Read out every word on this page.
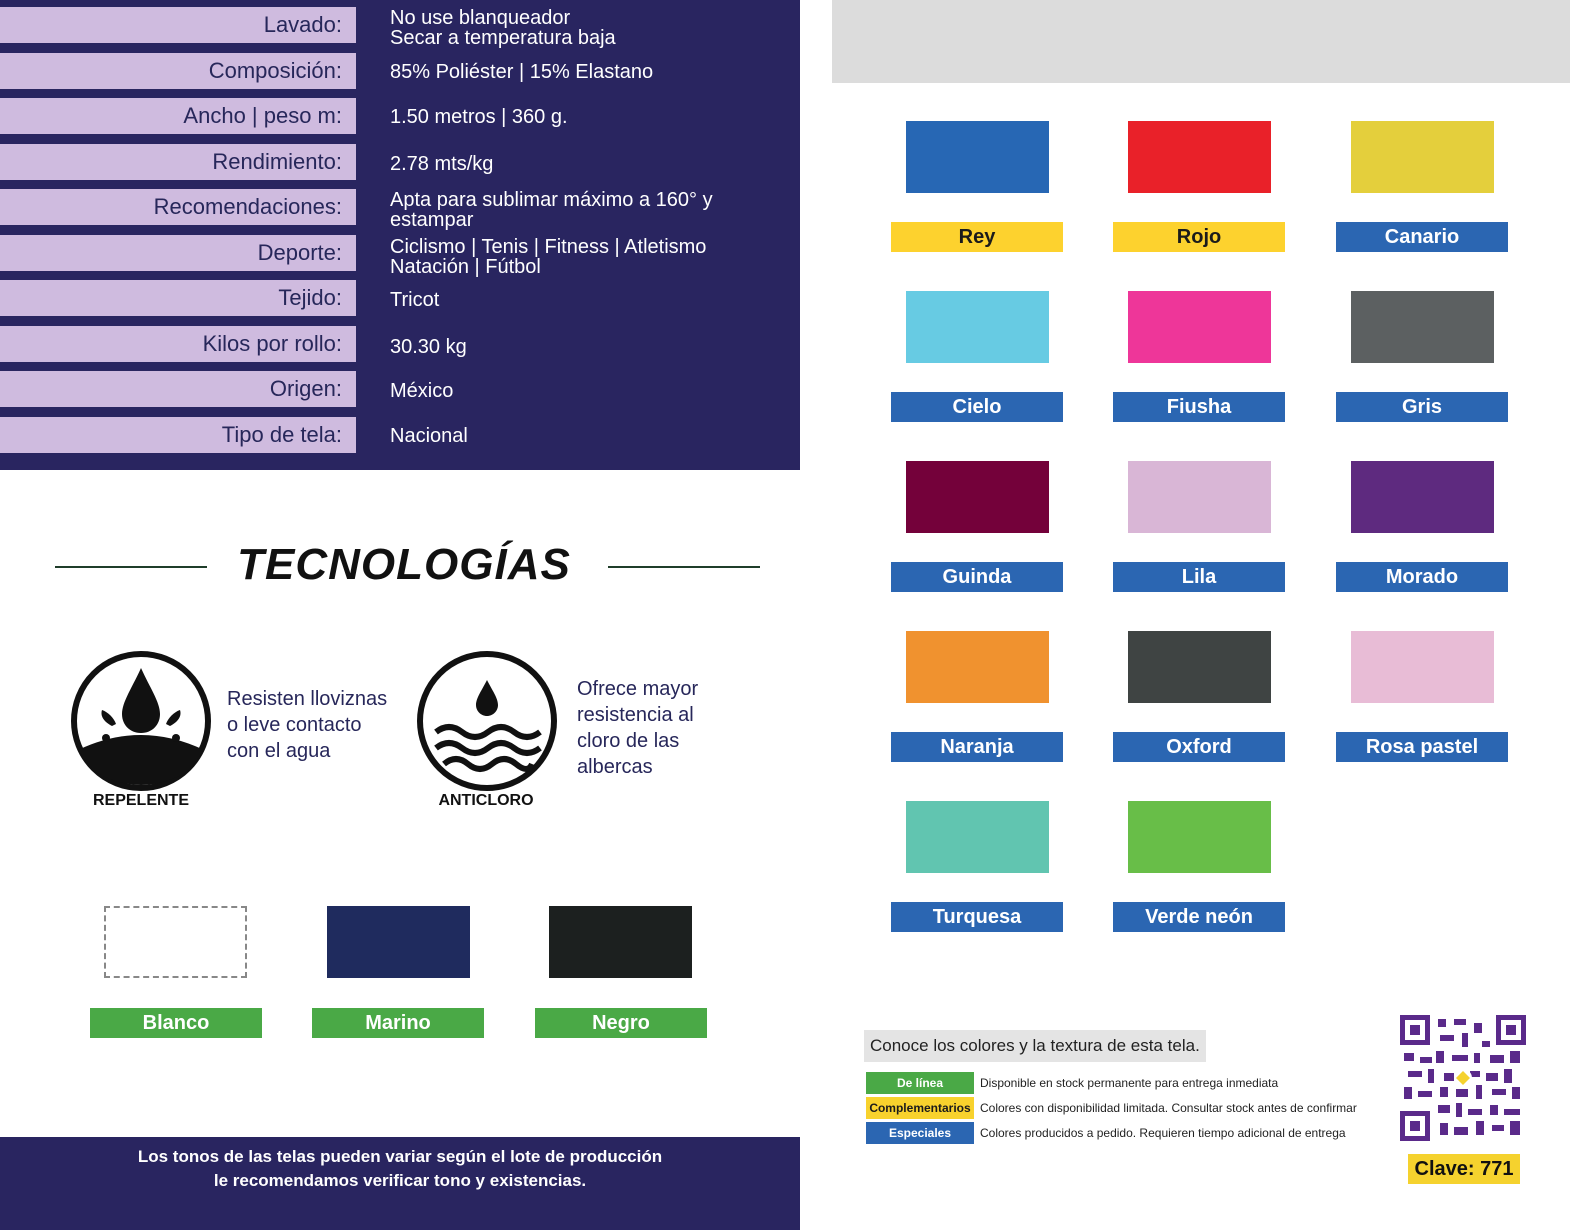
Lavado:	No use blanqueador
Secar a temperatura baja
Composición:	85% Poliéster | 15% Elastano
Ancho | peso m:	1.50 metros | 360 g.
Rendimiento:	2.78 mts/kg
Recomendaciones:	Apta para sublimar máximo a 160° y
estampar
Deporte:	Ciclismo | Tenis | Fitness | Atletismo
Natación | Fútbol
Tejido:	Tricot
Kilos por rollo:	30.30 kg
Origen:	México
Tipo de tela:	Nacional
TECNOLOGÍAS
REPELENTE
Resisten lloviznas
o leve contacto
con el agua
ANTICLORO
Ofrece mayor
resistencia al
cloro de las
albercas
Blanco	Marino	Negro
Los tonos de las telas pueden variar según el lote de producción
le recomendamos verificar tono y existencias.
Rey	Rojo	Canario
Cielo	Fiusha	Gris
Guinda	Lila	Morado
Naranja	Oxford	Rosa pastel
Turquesa	Verde neón
Conoce los colores y la textura de esta tela.
De línea	Disponible en stock permanente para entrega inmediata
Complementarios Colores con disponibilidad limitada. Consultar stock antes de confirmar
Especiales	Colores producidos a pedido. Requieren tiempo adicional de entrega
Clave: 771
